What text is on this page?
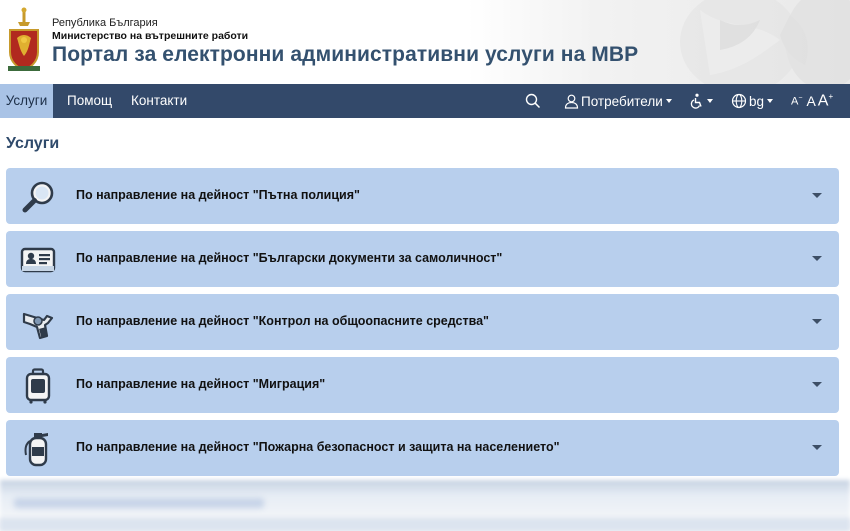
Република България
Министерство на вътрешните работи
Портал за електронни административни услуги на МВР
Услуги	Помощ Контакти	Потребители	bg A− A A+
Услуги
По направление на дейност "Пътна полиция"
По направление на дейност "Български документи за самоличност"
По направление на дейност "Контрол на общоопасните средства"
По направление на дейност "Миграция"
По направление на дейност "Пожарна безопасност и защита на населението"
